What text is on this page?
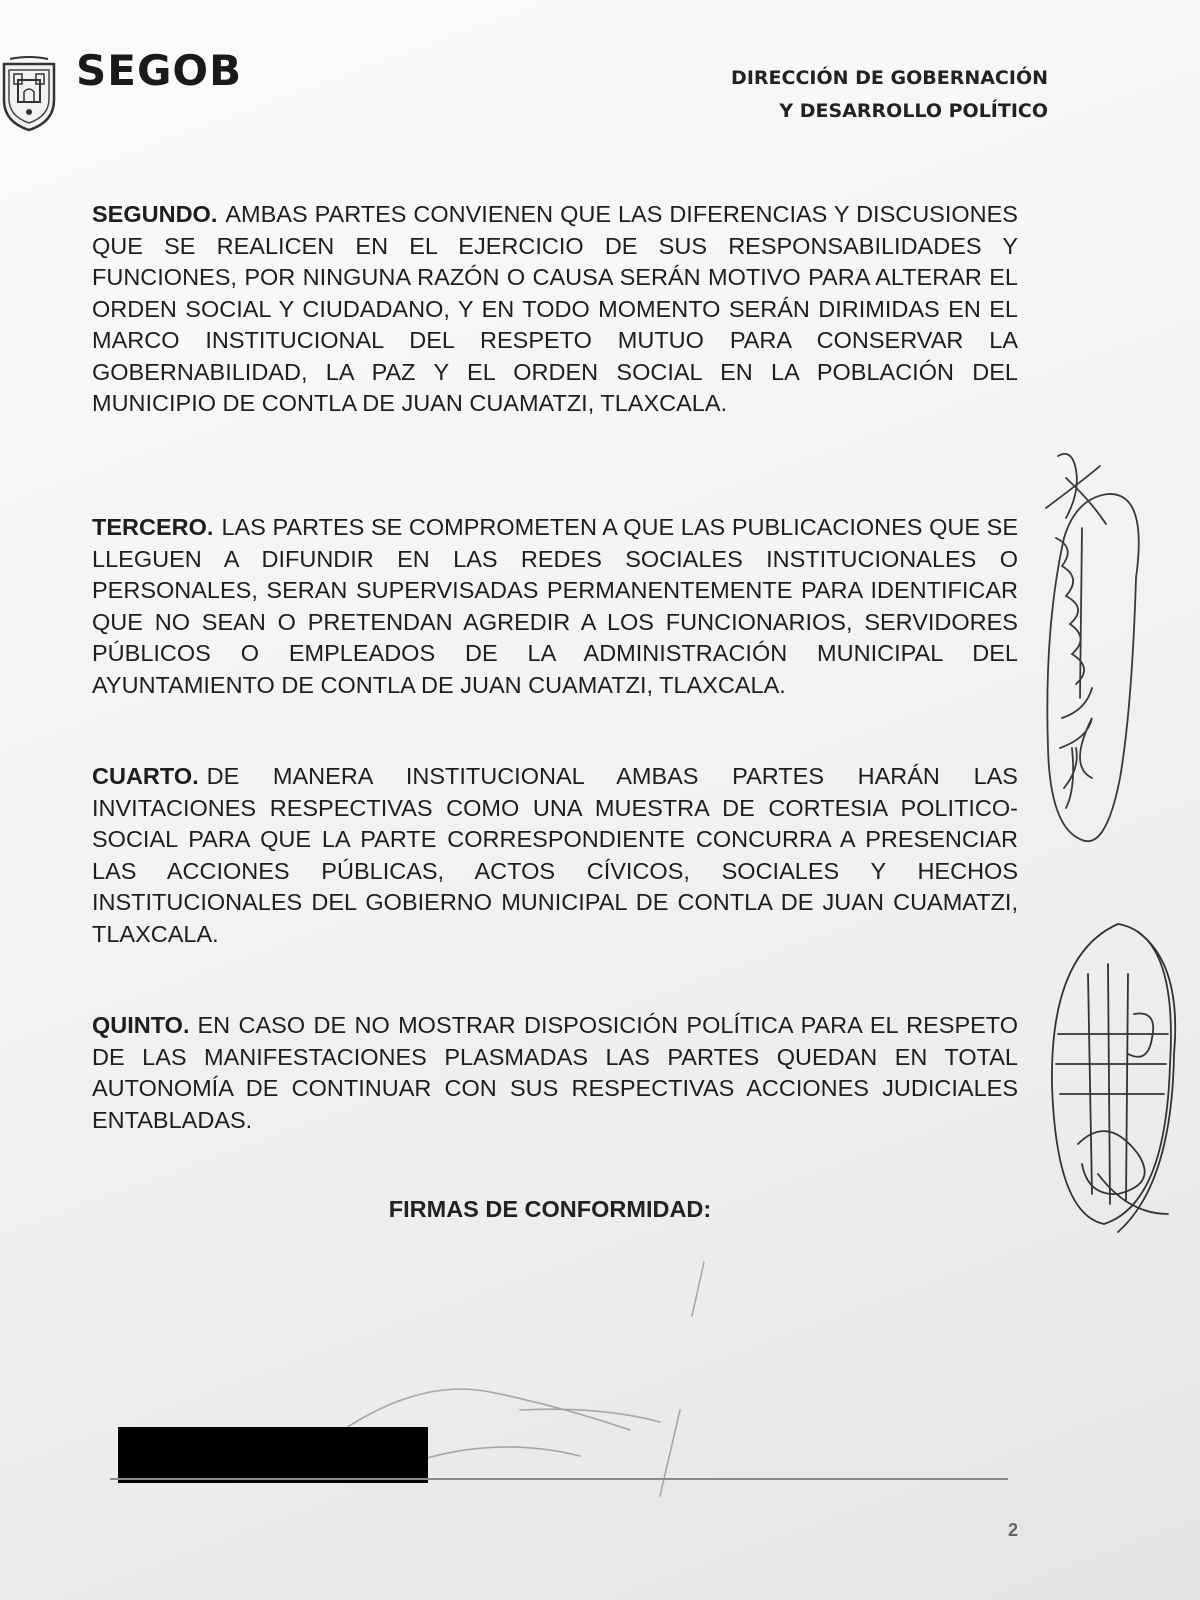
SEGOB	DIRECCIÓN DE GOBERNACIÓN
Y DESARROLLO POLÍTICO
SEGUNDO. AMBAS PARTES CONVIENEN QUE LAS DIFERENCIAS Y DISCUSIONES QUE SE REALICEN EN EL EJERCICIO DE SUS RESPONSABILIDADES Y FUNCIONES, POR NINGUNA RAZÓN O CAUSA SERÁN MOTIVO PARA ALTERAR EL ORDEN SOCIAL Y CIUDADANO, Y EN TODO MOMENTO SERÁN DIRIMIDAS EN EL MARCO INSTITUCIONAL DEL RESPETO MUTUO PARA CONSERVAR LA GOBERNABILIDAD, LA PAZ Y EL ORDEN SOCIAL EN LA POBLACIÓN DEL MUNICIPIO DE CONTLA DE JUAN CUAMATZI, TLAXCALA.
TERCERO. LAS PARTES SE COMPROMETEN A QUE LAS PUBLICACIONES QUE SE LLEGUEN A DIFUNDIR EN LAS REDES SOCIALES INSTITUCIONALES O PERSONALES, SERAN SUPERVISADAS PERMANENTEMENTE PARA IDENTIFICAR QUE NO SEAN O PRETENDAN AGREDIR A LOS FUNCIONARIOS, SERVIDORES PÚBLICOS O EMPLEADOS DE LA ADMINISTRACIÓN MUNICIPAL DEL AYUNTAMIENTO DE CONTLA DE JUAN CUAMATZI, TLAXCALA.
CUARTO. DE MANERA INSTITUCIONAL AMBAS PARTES HARÁN LAS INVITACIONES RESPECTIVAS COMO UNA MUESTRA DE CORTESIA POLITICO-SOCIAL PARA QUE LA PARTE CORRESPONDIENTE CONCURRA A PRESENCIAR LAS ACCIONES PÚBLICAS, ACTOS CÍVICOS, SOCIALES Y HECHOS INSTITUCIONALES DEL GOBIERNO MUNICIPAL DE CONTLA DE JUAN CUAMATZI, TLAXCALA.
QUINTO. EN CASO DE NO MOSTRAR DISPOSICIÓN POLÍTICA PARA EL RESPETO DE LAS MANIFESTACIONES PLASMADAS LAS PARTES QUEDAN EN TOTAL AUTONOMÍA DE CONTINUAR CON SUS RESPECTIVAS ACCIONES JUDICIALES ENTABLADAS.
FIRMAS DE CONFORMIDAD:
2
